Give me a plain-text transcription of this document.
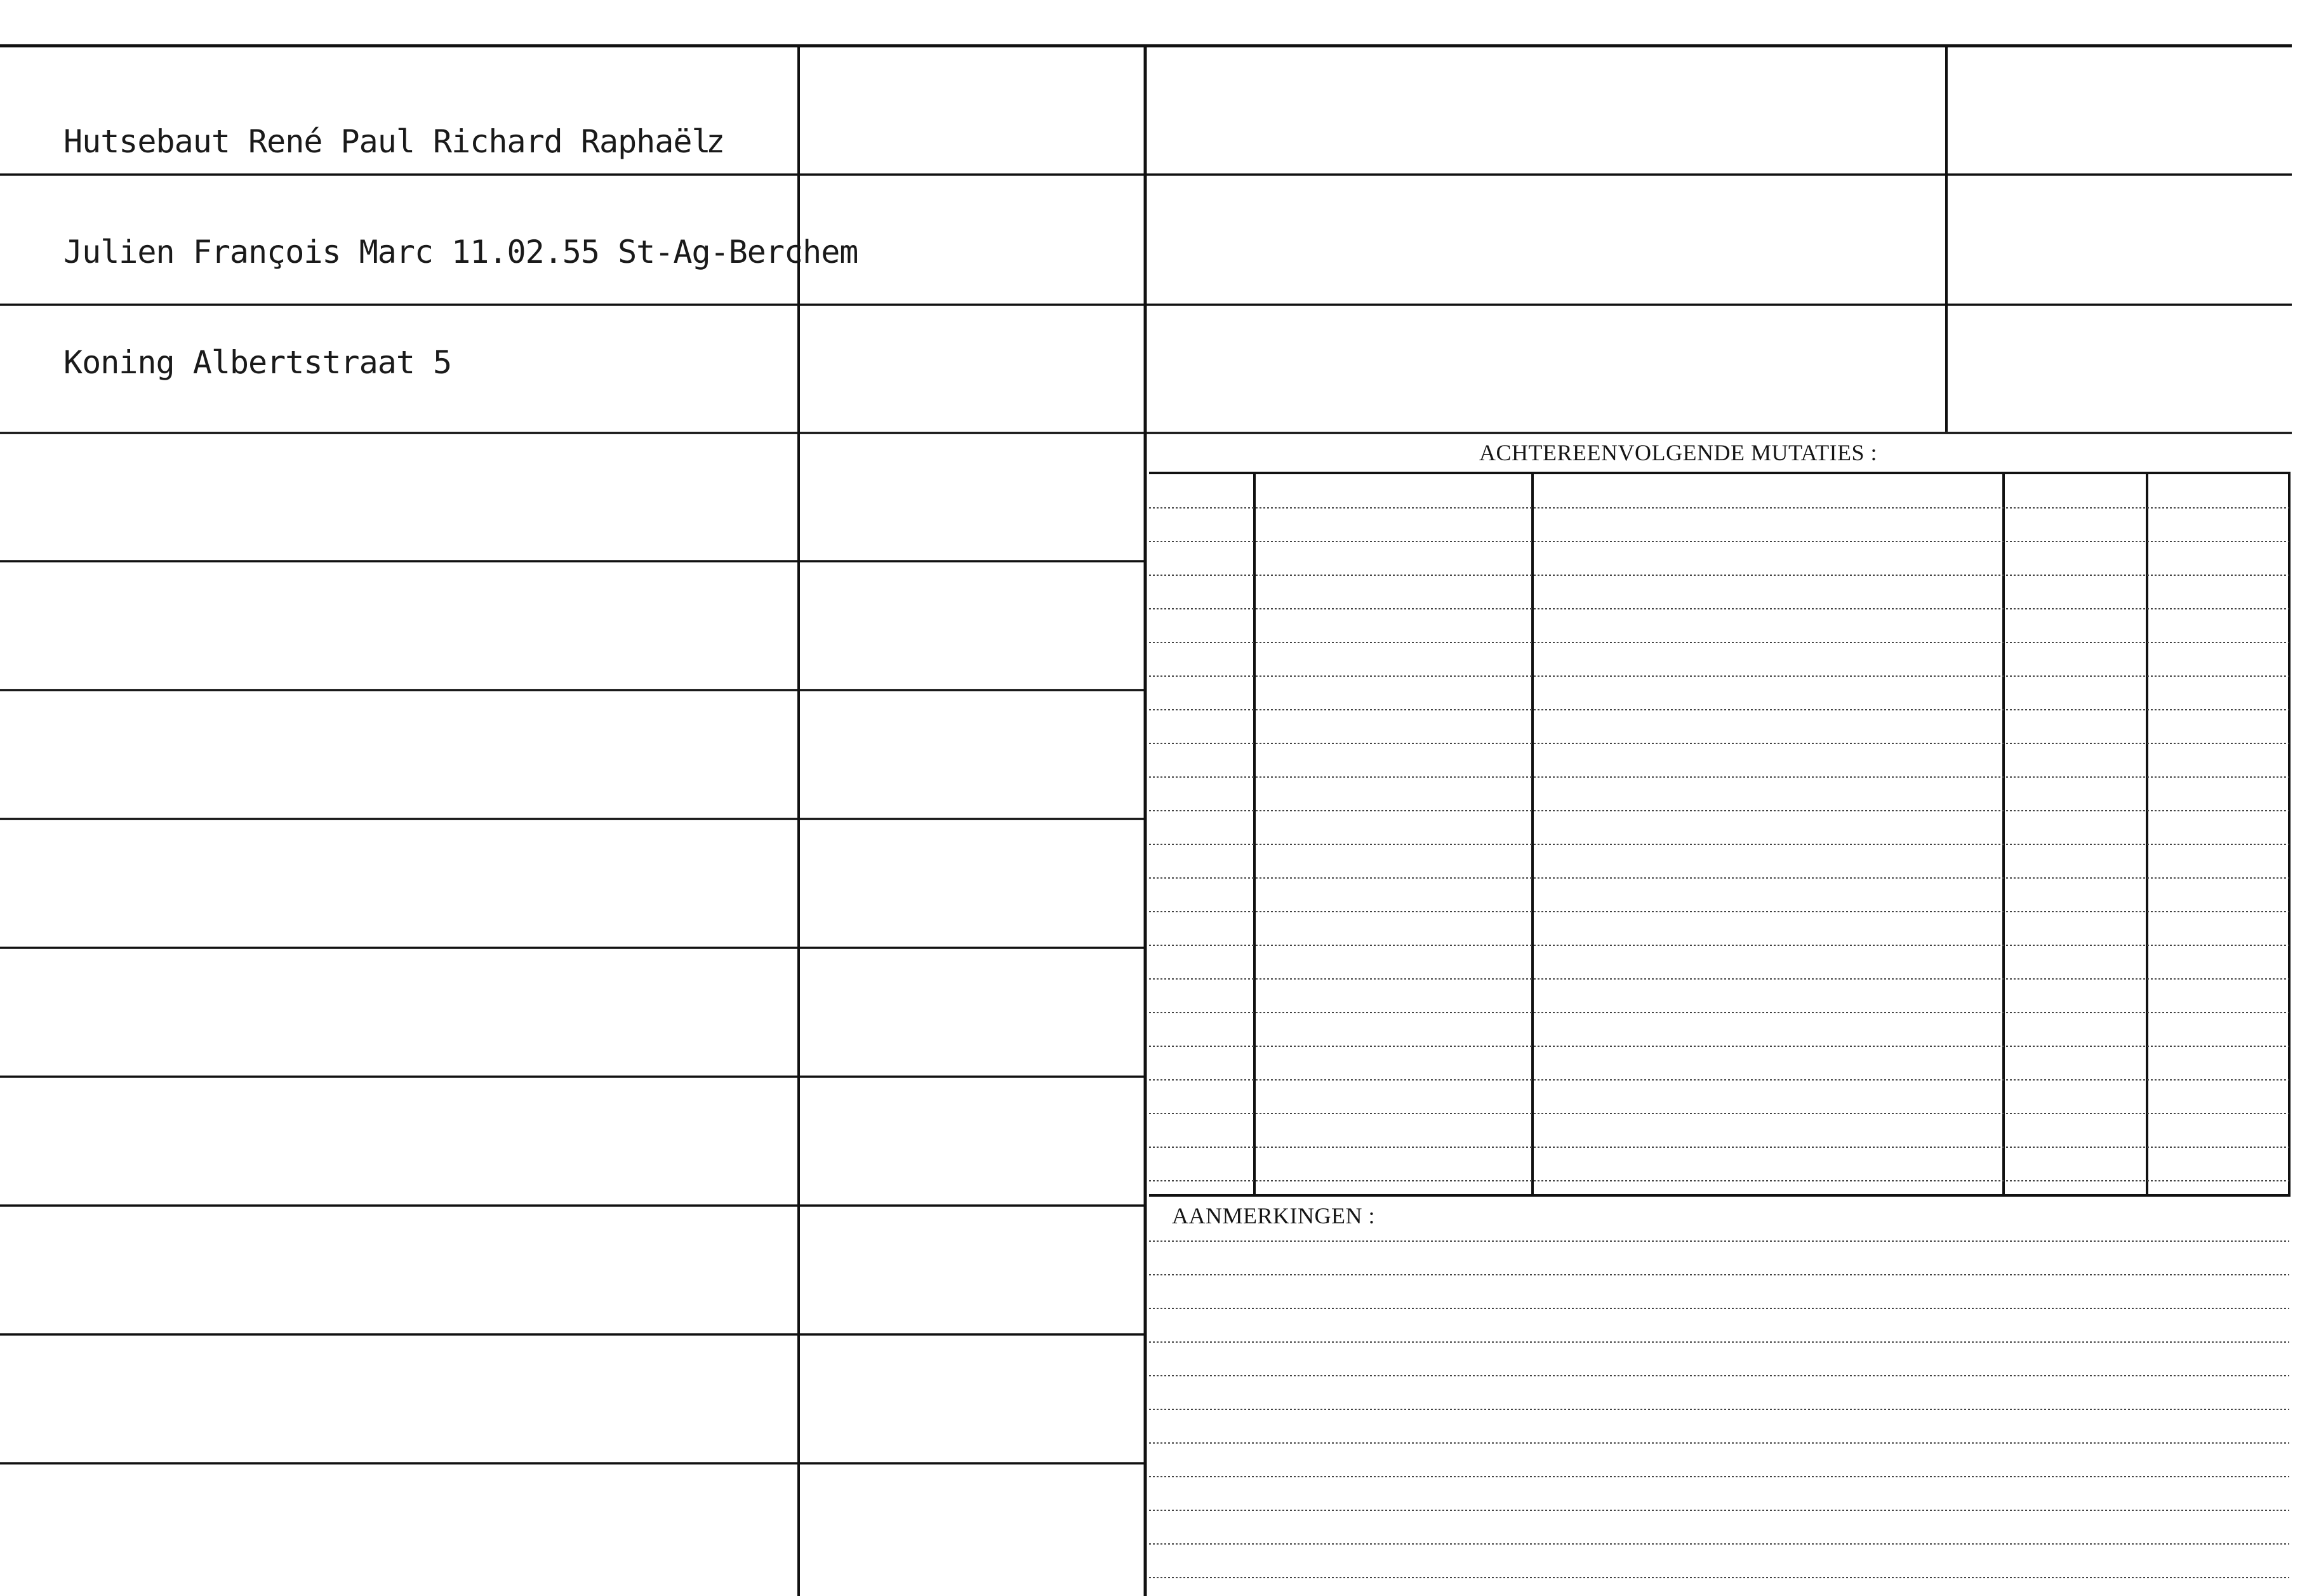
Hutsebaut René Paul Richard Raphaël

Julien François Marc 11.02.55 St-Ag-Berchem

Koning Albertstraat 5

z

ACHTEREENVOLGENDE MUTATIES :
AANMERKINGEN :
